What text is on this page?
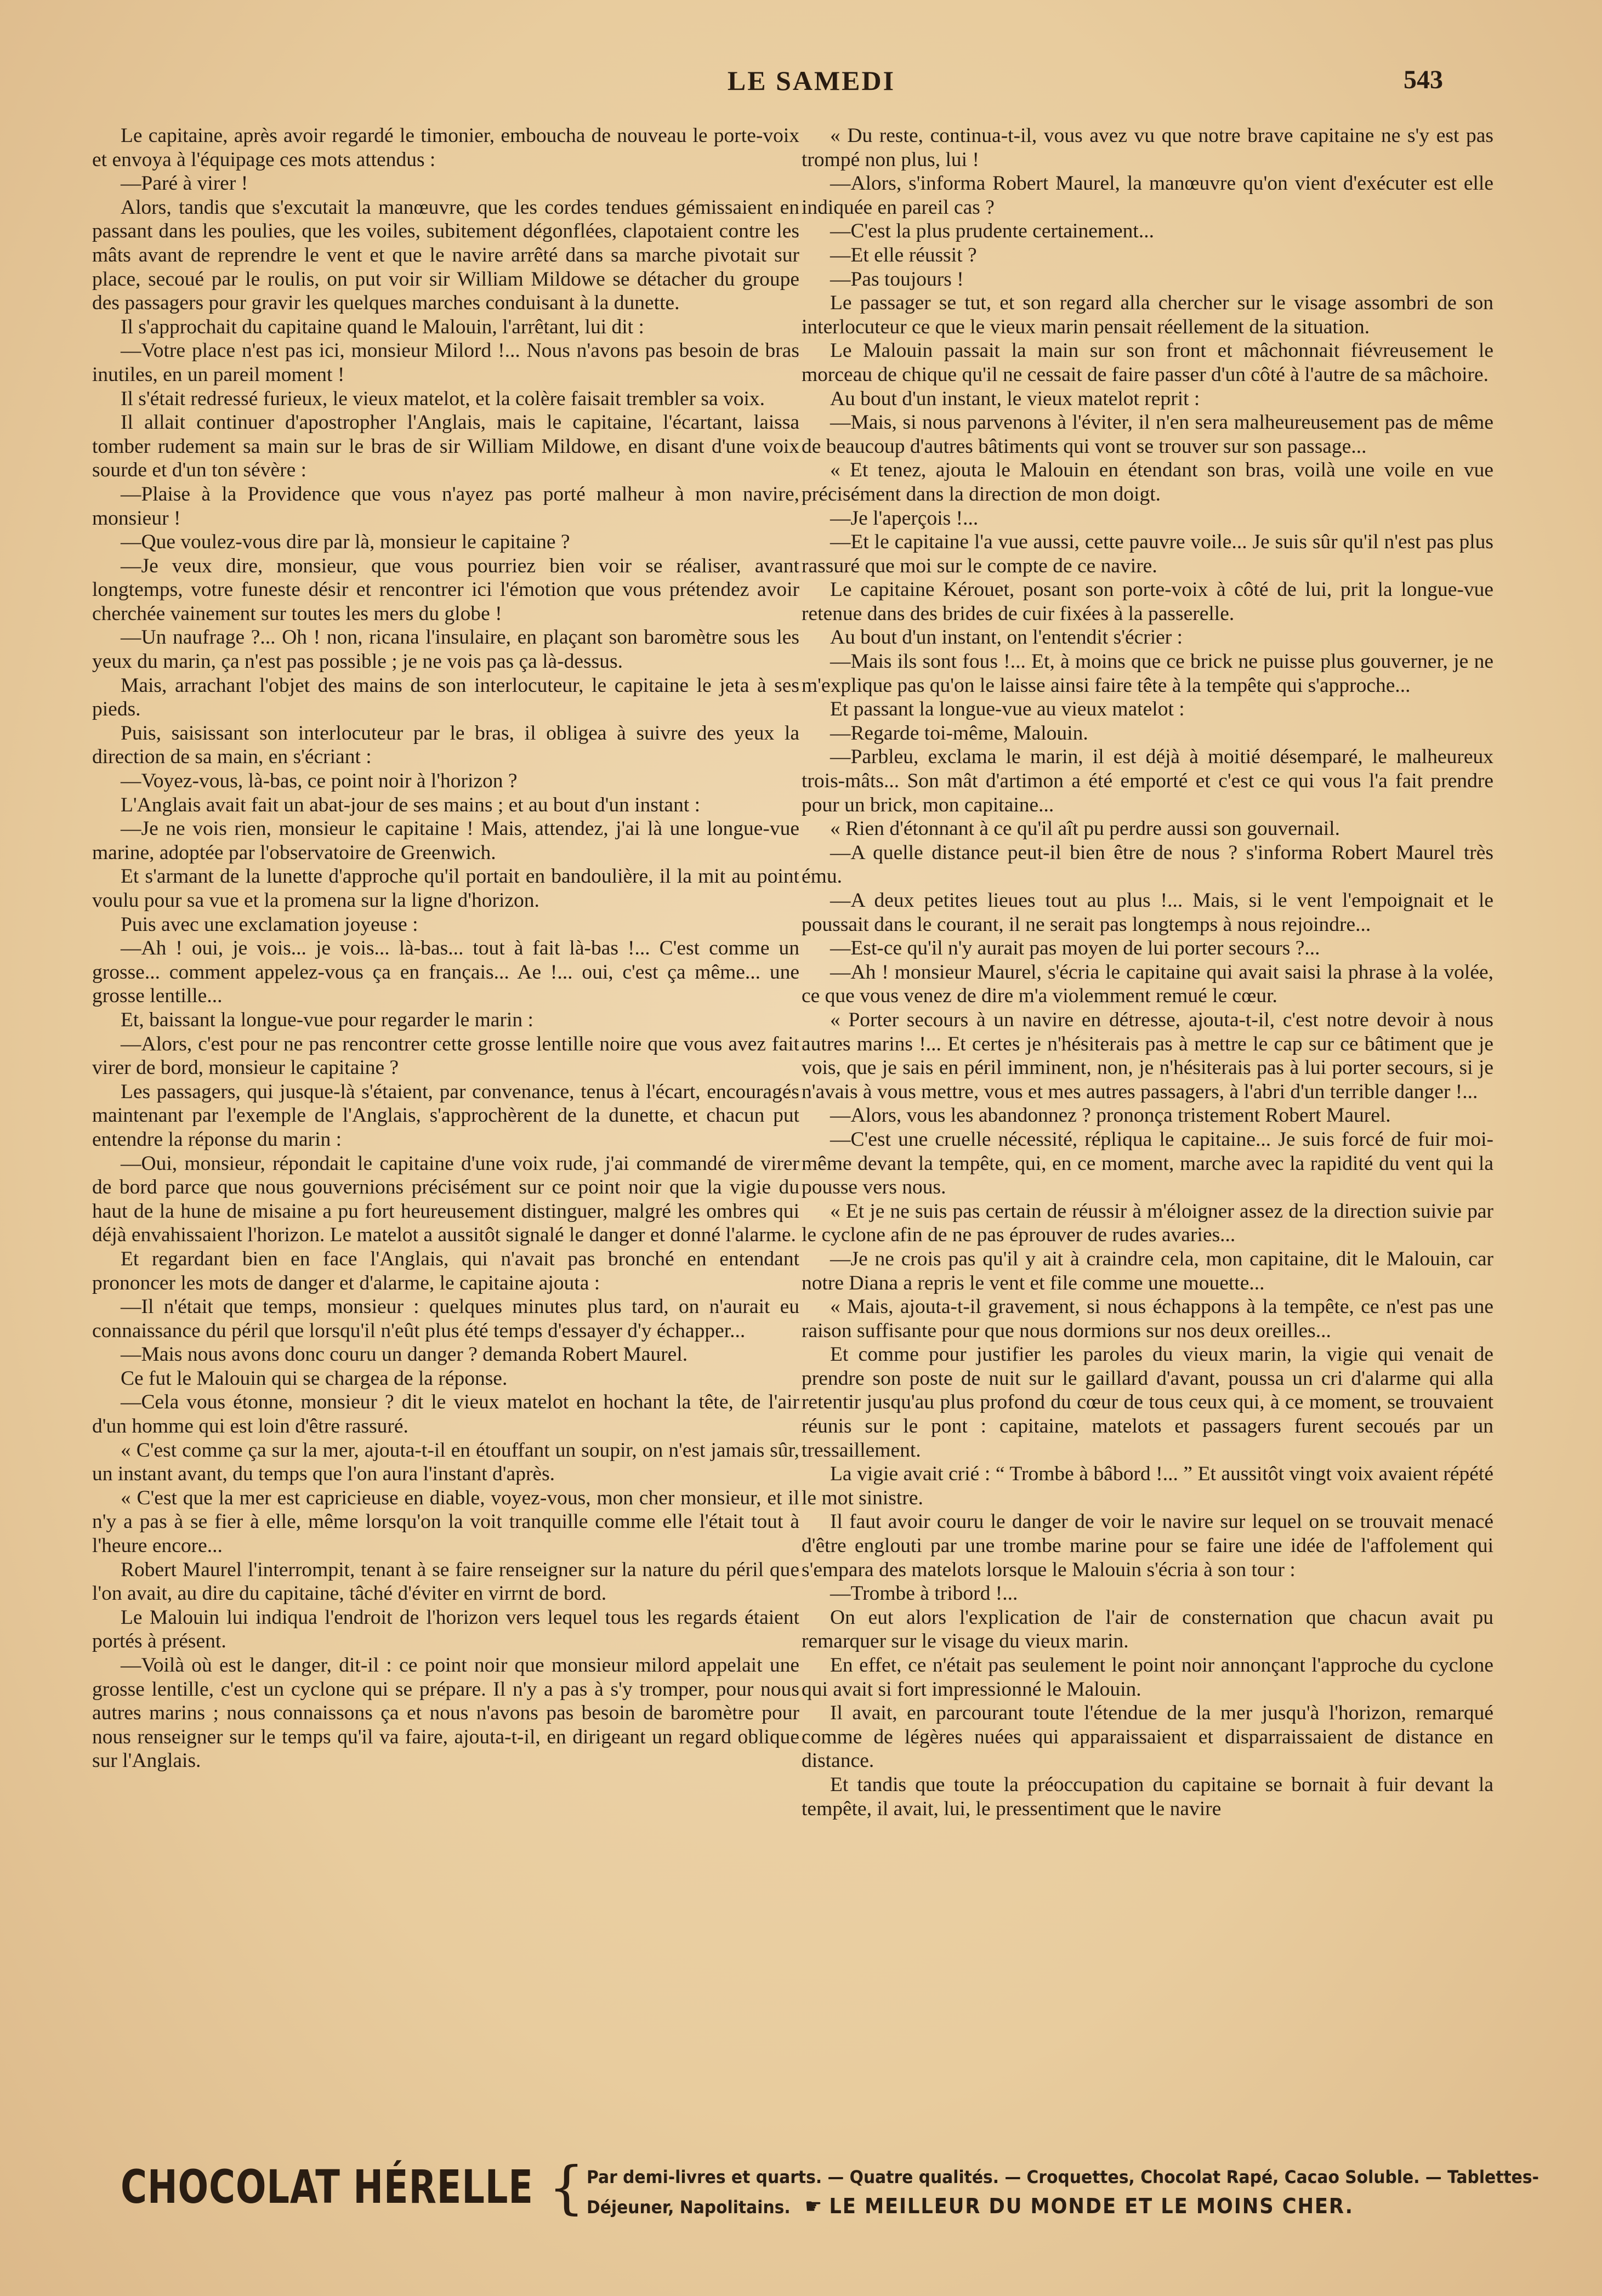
LE SAMEDI	543

Le capitaine, après avoir regardé le timonier, emboucha de nouveau le porte-voix et envoya à l'équipage ces mots attendus :

—Paré à virer !

Alors, tandis que s'excutait la manœuvre, que les cordes tendues gémissaient en passant dans les poulies, que les voiles, subitement dégonflées, clapotaient contre les mâts avant de reprendre le vent et que le navire arrêté dans sa marche pivotait sur place, secoué par le roulis, on put voir sir William Mildowe se détacher du groupe des passagers pour gravir les quelques marches conduisant à la dunette.

Il s'approchait du capitaine quand le Malouin, l'arrêtant, lui dit :

—Votre place n'est pas ici, monsieur Milord !... Nous n'avons pas besoin de bras inutiles, en un pareil moment !

Il s'était redressé furieux, le vieux matelot, et la colère faisait trembler sa voix.

Il allait continuer d'apostropher l'Anglais, mais le capitaine, l'écartant, laissa tomber rudement sa main sur le bras de sir William Mildowe, en disant d'une voix sourde et d'un ton sévère :

—Plaise à la Providence que vous n'ayez pas porté malheur à mon navire, monsieur !

—Que voulez-vous dire par là, monsieur le capitaine ?

—Je veux dire, monsieur, que vous pourriez bien voir se réaliser, avant longtemps, votre funeste désir et rencontrer ici l'émotion que vous prétendez avoir cherchée vainement sur toutes les mers du globe !

—Un naufrage ?... Oh ! non, ricana l'insulaire, en plaçant son baromètre sous les yeux du marin, ça n'est pas possible ; je ne vois pas ça là-dessus.

Mais, arrachant l'objet des mains de son interlocuteur, le capitaine le jeta à ses pieds.

Puis, saisissant son interlocuteur par le bras, il obligea à suivre des yeux la direction de sa main, en s'écriant :

—Voyez-vous, là-bas, ce point noir à l'horizon ?

L'Anglais avait fait un abat-jour de ses mains ; et au bout d'un instant :

—Je ne vois rien, monsieur le capitaine ! Mais, attendez, j'ai là une longue-vue marine, adoptée par l'observatoire de Greenwich.

Et s'armant de la lunette d'approche qu'il portait en bandoulière, il la mit au point voulu pour sa vue et la promena sur la ligne d'horizon.

Puis avec une exclamation joyeuse :

—Ah ! oui, je vois... je vois... là-bas... tout à fait là-bas !... C'est comme un grosse... comment appelez-vous ça en français... Ae !... oui, c'est ça même... une grosse lentille...

Et, baissant la longue-vue pour regarder le marin :

—Alors, c'est pour ne pas rencontrer cette grosse lentille noire que vous avez fait virer de bord, monsieur le capitaine ?

Les passagers, qui jusque-là s'étaient, par convenance, tenus à l'écart, encouragés maintenant par l'exemple de l'Anglais, s'approchèrent de la dunette, et chacun put entendre la réponse du marin :

—Oui, monsieur, répondait le capitaine d'une voix rude, j'ai commandé de virer de bord parce que nous gouvernions précisément sur ce point noir que la vigie du haut de la hune de misaine a pu fort heureusement distinguer, malgré les ombres qui déjà envahissaient l'horizon. Le matelot a aussitôt signalé le danger et donné l'alarme.

Et regardant bien en face l'Anglais, qui n'avait pas bronché en entendant prononcer les mots de danger et d'alarme, le capitaine ajouta :

—Il n'était que temps, monsieur : quelques minutes plus tard, on n'aurait eu connaissance du péril que lorsqu'il n'eût plus été temps d'essayer d'y échapper...

—Mais nous avons donc couru un danger ? demanda Robert Maurel.

Ce fut le Malouin qui se chargea de la réponse.

—Cela vous étonne, monsieur ? dit le vieux matelot en hochant la tête, de l'air d'un homme qui est loin d'être rassuré.

« C'est comme ça sur la mer, ajouta-t-il en étouffant un soupir, on n'est jamais sûr, un instant avant, du temps que l'on aura l'instant d'après.

« C'est que la mer est capricieuse en diable, voyez-vous, mon cher monsieur, et il n'y a pas à se fier à elle, même lorsqu'on la voit tranquille comme elle l'était tout à l'heure encore...

Robert Maurel l'interrompit, tenant à se faire renseigner sur la nature du péril que l'on avait, au dire du capitaine, tâché d'éviter en virrnt de bord.

Le Malouin lui indiqua l'endroit de l'horizon vers lequel tous les regards étaient portés à présent.

—Voilà où est le danger, dit-il : ce point noir que monsieur milord appelait une grosse lentille, c'est un cyclone qui se prépare. Il n'y a pas à s'y tromper, pour nous autres marins ; nous connaissons ça et nous n'avons pas besoin de baromètre pour nous renseigner sur le temps qu'il va faire, ajouta-t-il, en dirigeant un regard oblique sur l'Anglais.

« Du reste, continua-t-il, vous avez vu que notre brave capitaine ne s'y est pas trompé non plus, lui !

—Alors, s'informa Robert Maurel, la manœuvre qu'on vient d'exécuter est elle indiquée en pareil cas ?

—C'est la plus prudente certainement...

—Et elle réussit ?

—Pas toujours !

Le passager se tut, et son regard alla chercher sur le visage assombri de son interlocuteur ce que le vieux marin pensait réellement de la situation.

Le Malouin passait la main sur son front et mâchonnait fiévreusement le morceau de chique qu'il ne cessait de faire passer d'un côté à l'autre de sa mâchoire.

Au bout d'un instant, le vieux matelot reprit :

—Mais, si nous parvenons à l'éviter, il n'en sera malheureusement pas de même de beaucoup d'autres bâtiments qui vont se trouver sur son passage...

« Et tenez, ajouta le Malouin en étendant son bras, voilà une voile en vue précisément dans la direction de mon doigt.

—Je l'aperçois !...

—Et le capitaine l'a vue aussi, cette pauvre voile... Je suis sûr qu'il n'est pas plus rassuré que moi sur le compte de ce navire.

Le capitaine Kérouet, posant son porte-voix à côté de lui, prit la longue-vue retenue dans des brides de cuir fixées à la passerelle.

Au bout d'un instant, on l'entendit s'écrier :

—Mais ils sont fous !... Et, à moins que ce brick ne puisse plus gouverner, je ne m'explique pas qu'on le laisse ainsi faire tête à la tempête qui s'approche...

Et passant la longue-vue au vieux matelot :

—Regarde toi-même, Malouin.

—Parbleu, exclama le marin, il est déjà à moitié désemparé, le malheureux trois-mâts... Son mât d'artimon a été emporté et c'est ce qui vous l'a fait prendre pour un brick, mon capitaine...

« Rien d'étonnant à ce qu'il aît pu perdre aussi son gouvernail.

—A quelle distance peut-il bien être de nous ? s'informa Robert Maurel très ému.

—A deux petites lieues tout au plus !... Mais, si le vent l'empoignait et le poussait dans le courant, il ne serait pas longtemps à nous rejoindre...

—Est-ce qu'il n'y aurait pas moyen de lui porter secours ?...

—Ah ! monsieur Maurel, s'écria le capitaine qui avait saisi la phrase à la volée, ce que vous venez de dire m'a violemment remué le cœur.

« Porter secours à un navire en détresse, ajouta-t-il, c'est notre devoir à nous autres marins !... Et certes je n'hésiterais pas à mettre le cap sur ce bâtiment que je vois, que je sais en péril imminent, non, je n'hésiterais pas à lui porter secours, si je n'avais à vous mettre, vous et mes autres passagers, à l'abri d'un terrible danger !...

—Alors, vous les abandonnez ? prononça tristement Robert Maurel.

—C'est une cruelle nécessité, répliqua le capitaine... Je suis forcé de fuir moi-même devant la tempête, qui, en ce moment, marche avec la rapidité du vent qui la pousse vers nous.

« Et je ne suis pas certain de réussir à m'éloigner assez de la direction suivie par le cyclone afin de ne pas éprouver de rudes avaries...

—Je ne crois pas qu'il y ait à craindre cela, mon capitaine, dit le Malouin, car notre Diana a repris le vent et file comme une mouette...

« Mais, ajouta-t-il gravement, si nous échappons à la tempête, ce n'est pas une raison suffisante pour que nous dormions sur nos deux oreilles...

Et comme pour justifier les paroles du vieux marin, la vigie qui venait de prendre son poste de nuit sur le gaillard d'avant, poussa un cri d'alarme qui alla retentir jusqu'au plus profond du cœur de tous ceux qui, à ce moment, se trouvaient réunis sur le pont : capitaine, matelots et passagers furent secoués par un tressaillement.

La vigie avait crié : “ Trombe à bâbord !... ” Et aussitôt vingt voix avaient répété le mot sinistre.

Il faut avoir couru le danger de voir le navire sur lequel on se trouvait menacé d'être englouti par une trombe marine pour se faire une idée de l'affolement qui s'empara des matelots lorsque le Malouin s'écria à son tour :

—Trombe à tribord !...

On eut alors l'explication de l'air de consternation que chacun avait pu remarquer sur le visage du vieux marin.

En effet, ce n'était pas seulement le point noir annonçant l'approche du cyclone qui avait si fort impressionné le Malouin.

Il avait, en parcourant toute l'étendue de la mer jusqu'à l'horizon, remarqué comme de légères nuées qui apparaissaient et disparraissaient de distance en distance.

Et tandis que toute la préoccupation du capitaine se bornait à fuir devant la tempête, il avait, lui, le pressentiment que le navire

CHOCOLAT HÉRELLE { Par demi-livres et quarts. — Quatre qualités. — Croquettes, Chocolat Rapé, Cacao Soluble. — Tablettes-
Déjeuner, Napolitains. ☛ LE MEILLEUR DU MONDE ET LE MOINS CHER.
